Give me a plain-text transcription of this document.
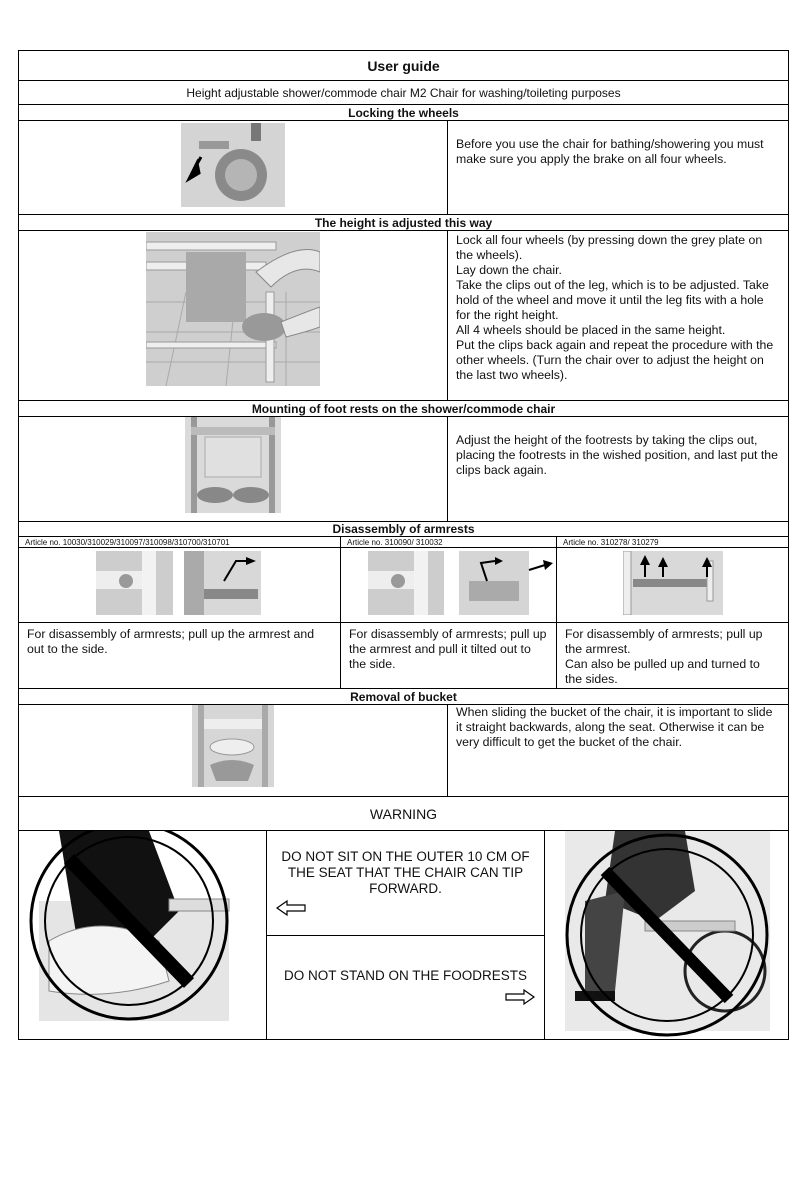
User guide
Height adjustable shower/commode chair M2 Chair for washing/toileting purposes
Locking the wheels
Before you use the chair for bathing/showering you must make sure you apply the brake on all four wheels.
The height is adjusted this way
Lock all four wheels (by pressing down the grey plate on the wheels).
Lay down the chair.
Take the clips out of the leg, which is to be adjusted. Take hold of the wheel and move it until the leg fits with a hole for the right height.
All 4 wheels should be placed in the same height.
Put the clips back again and repeat the procedure with the other wheels. (Turn the chair over to adjust the height on the last two wheels).
Mounting of foot rests on the shower/commode chair
Adjust the height of the footrests by taking the clips out, placing the footrests in the wished position, and last put the clips back again.
Disassembly of armrests
Article no. 10030/310029/310097/310098/310700/310701	Article no. 310090/ 310032	Article no. 310278/ 310279
For disassembly of armrests; pull up the armrest and out to the side.
For disassembly of armrests; pull up the armrest and pull it tilted out to the side.
For disassembly of armrests; pull up the armrest.
Can also be pulled up and turned to the sides.
Removal of bucket
When sliding the bucket of the chair, it is important to slide it straight backwards, along the seat. Otherwise it can be very difficult to get the bucket of the chair.
WARNING
DO NOT SIT ON THE OUTER 10 CM OF THE SEAT THAT THE CHAIR CAN TIP FORWARD.
DO NOT STAND ON THE FOODRESTS
